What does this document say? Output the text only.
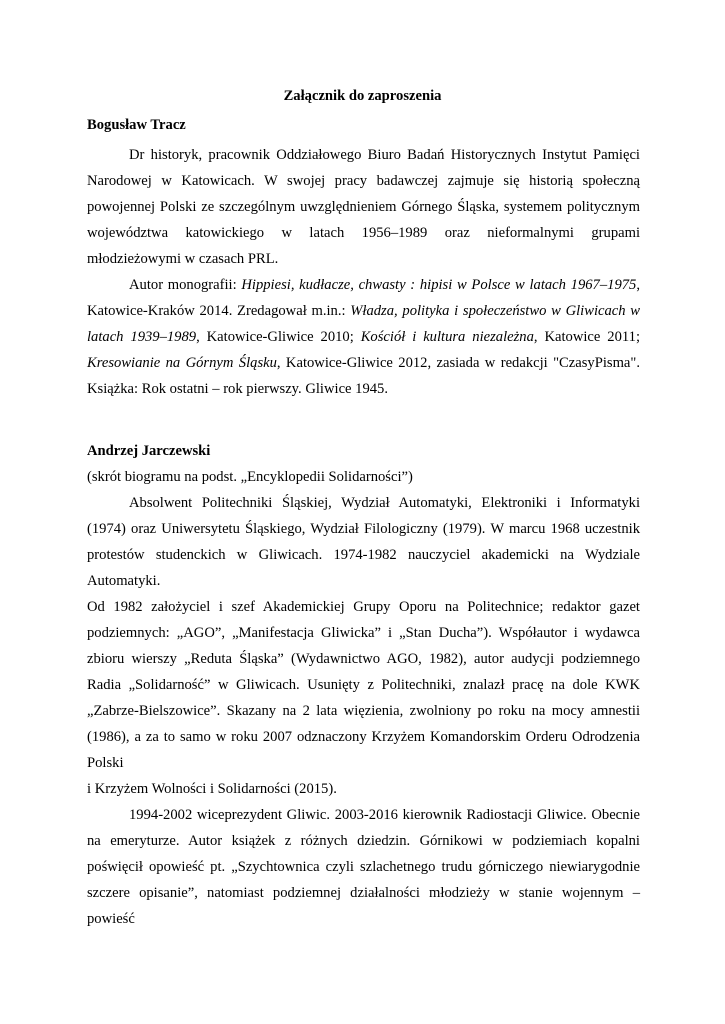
Załącznik do zaproszenia

Bogusław Tracz

Dr historyk, pracownik Oddziałowego Biuro Badań Historycznych Instytut Pamięci Narodowej w Katowicach. W swojej pracy badawczej zajmuje się historią społeczną powojennej Polski ze szczególnym uwzględnieniem Górnego Śląska, systemem politycznym województwa katowickiego w latach 1956–1989 oraz nieformalnymi grupami młodzieżowymi w czasach PRL.

Autor monografii: Hippiesi, kudłacze, chwasty : hipisi w Polsce w latach 1967–1975, Katowice-Kraków 2014. Zredagował m.in.: Władza, polityka i społeczeństwo w Gliwicach w latach 1939–1989, Katowice-Gliwice 2010; Kościół i kultura niezależna, Katowice 2011; Kresowianie na Górnym Śląsku, Katowice-Gliwice 2012, zasiada w redakcji "CzasyPisma". Książka: Rok ostatni – rok pierwszy. Gliwice 1945.

Andrzej Jarczewski

(skrót biogramu na podst. „Encyklopedii Solidarności”)

Absolwent Politechniki Śląskiej, Wydział Automatyki, Elektroniki i Informatyki (1974) oraz Uniwersytetu Śląskiego, Wydział Filologiczny (1979). W marcu 1968 uczestnik protestów studenckich w Gliwicach. 1974-1982 nauczyciel akademicki na Wydziale Automatyki.

Od 1982 założyciel i szef Akademickiej Grupy Oporu na Politechnice; redaktor gazet podziemnych: „AGO”, „Manifestacja Gliwicka” i „Stan Ducha”). Współautor i wydawca zbioru wierszy „Reduta Śląska” (Wydawnictwo AGO, 1982), autor audycji podziemnego Radia „Solidarność” w Gliwicach. Usunięty z Politechniki, znalazł pracę na dole KWK „Zabrze-Bielszowice”. Skazany na 2 lata więzienia, zwolniony po roku na mocy amnestii (1986), a za to samo w roku 2007 odznaczony Krzyżem Komandorskim Orderu Odrodzenia Polski

i Krzyżem Wolności i Solidarności (2015).

1994-2002 wiceprezydent Gliwic. 2003-2016 kierownik Radiostacji Gliwice. Obecnie na emeryturze. Autor książek z różnych dziedzin. Górnikowi w podziemiach kopalni poświęcił opowieść pt. „Szychtownica czyli szlachetnego trudu górniczego niewiarygodnie szczere opisanie”, natomiast podziemnej działalności młodzieży w stanie wojennym – powieść
